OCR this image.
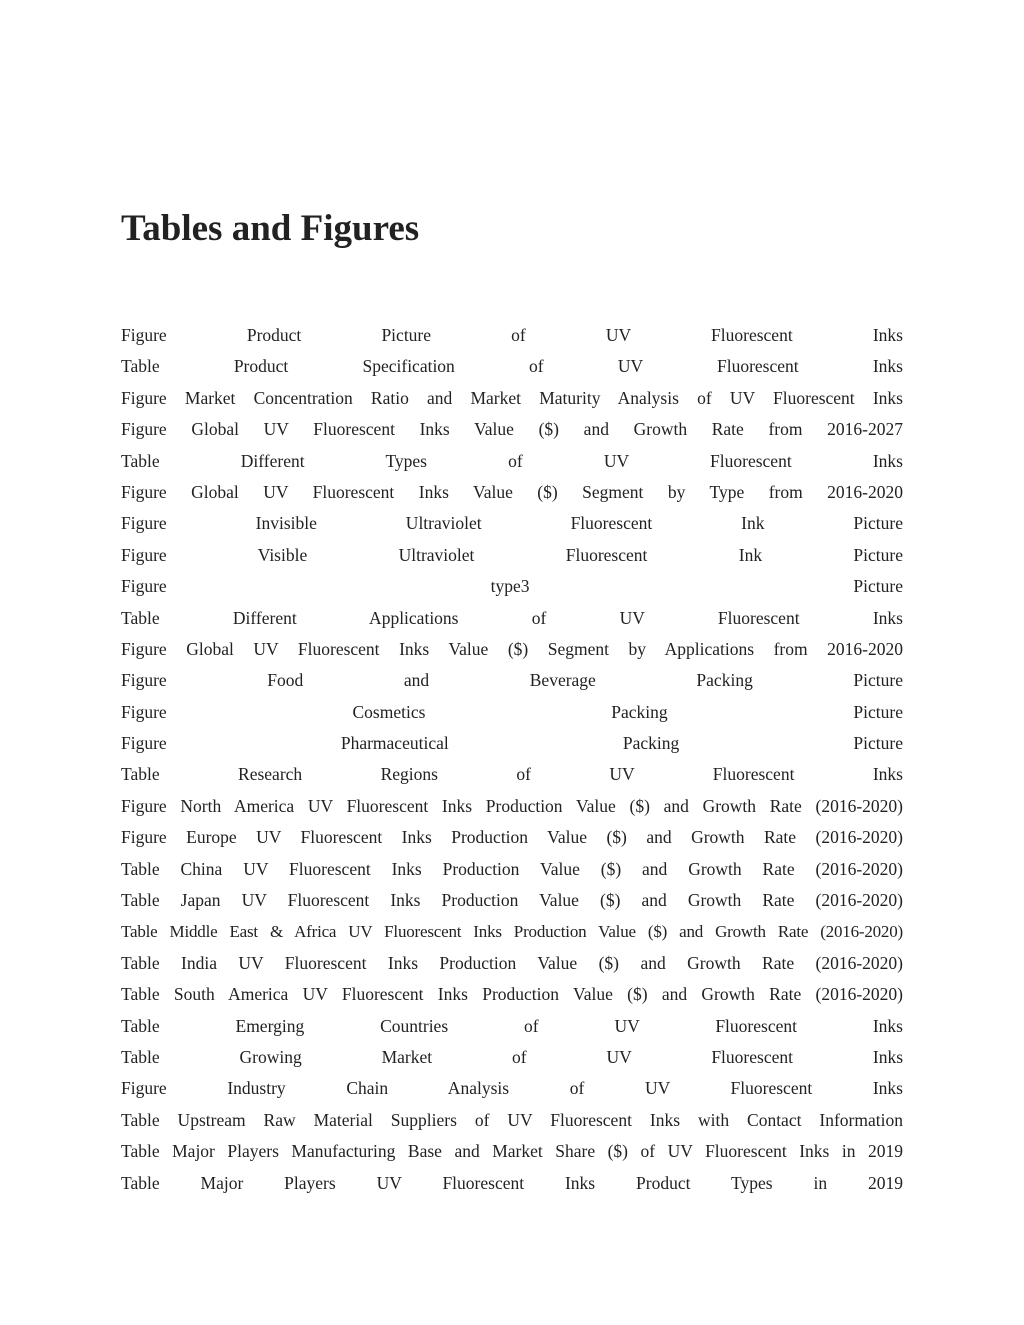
Tables and Figures
Figure Product Picture of UV Fluorescent Inks
Table Product Specification of UV Fluorescent Inks
Figure Market Concentration Ratio and Market Maturity Analysis of UV Fluorescent Inks
Figure Global UV Fluorescent Inks Value ($) and Growth Rate from 2016-2027
Table Different Types of UV Fluorescent Inks
Figure Global UV Fluorescent Inks Value ($) Segment by Type from 2016-2020
Figure Invisible Ultraviolet Fluorescent Ink Picture
Figure Visible Ultraviolet Fluorescent Ink Picture
Figure type3 Picture
Table Different Applications of UV Fluorescent Inks
Figure Global UV Fluorescent Inks Value ($) Segment by Applications from 2016-2020
Figure Food and Beverage Packing Picture
Figure Cosmetics Packing Picture
Figure Pharmaceutical Packing Picture
Table Research Regions of UV Fluorescent Inks
Figure North America UV Fluorescent Inks Production Value ($) and Growth Rate (2016-2020)
Figure Europe UV Fluorescent Inks Production Value ($) and Growth Rate (2016-2020)
Table China UV Fluorescent Inks Production Value ($) and Growth Rate (2016-2020)
Table Japan UV Fluorescent Inks Production Value ($) and Growth Rate (2016-2020)
Table Middle East & Africa UV Fluorescent Inks Production Value ($) and Growth Rate (2016-2020)
Table India UV Fluorescent Inks Production Value ($) and Growth Rate (2016-2020)
Table South America UV Fluorescent Inks Production Value ($) and Growth Rate (2016-2020)
Table Emerging Countries of UV Fluorescent Inks
Table Growing Market of UV Fluorescent Inks
Figure Industry Chain Analysis of UV Fluorescent Inks
Table Upstream Raw Material Suppliers of UV Fluorescent Inks with Contact Information
Table Major Players Manufacturing Base and Market Share ($) of UV Fluorescent Inks in 2019
Table Major Players UV Fluorescent Inks Product Types in 2019
